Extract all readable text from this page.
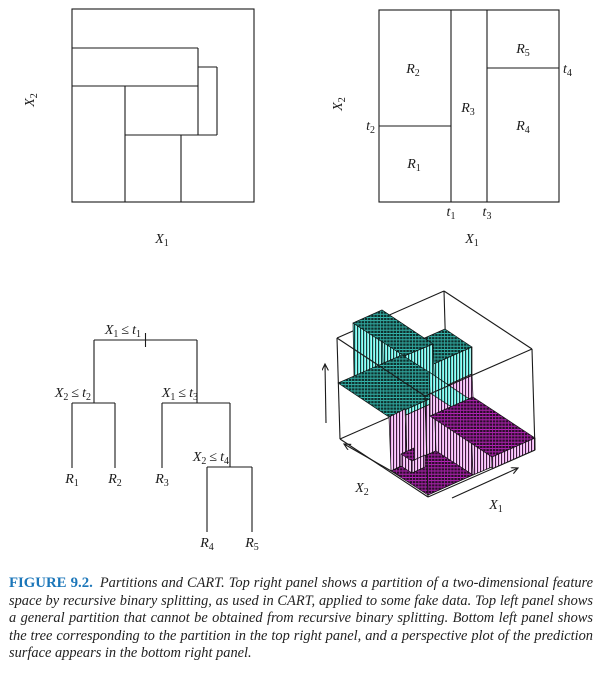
$X_2$
$X_1$
$R_1$
$R_2$
$R_3$
$R_4$
$R_5$
$t_1$
$t_2$
$t_3$
$t_4$
$X_2$
$X_1$
$X_1 \le t_1$
$X_2 \le t_2$	$X_1 \le t_3$
$X_2 \le t_4$
$R_1$ $R_2$ $R_3$
$R_4$ $R_5$
$X_2$
$X_1$
FIGURE 9.2. Partitions and CART. Top right panel shows a partition of a two-dimensional feature space by recursive binary splitting, as used in CART, applied to some fake data. Top left panel shows a general partition that cannot be obtained from recursive binary splitting. Bottom left panel shows the tree corresponding to the partition in the top right panel, and a perspective plot of the prediction surface appears in the bottom right panel.
